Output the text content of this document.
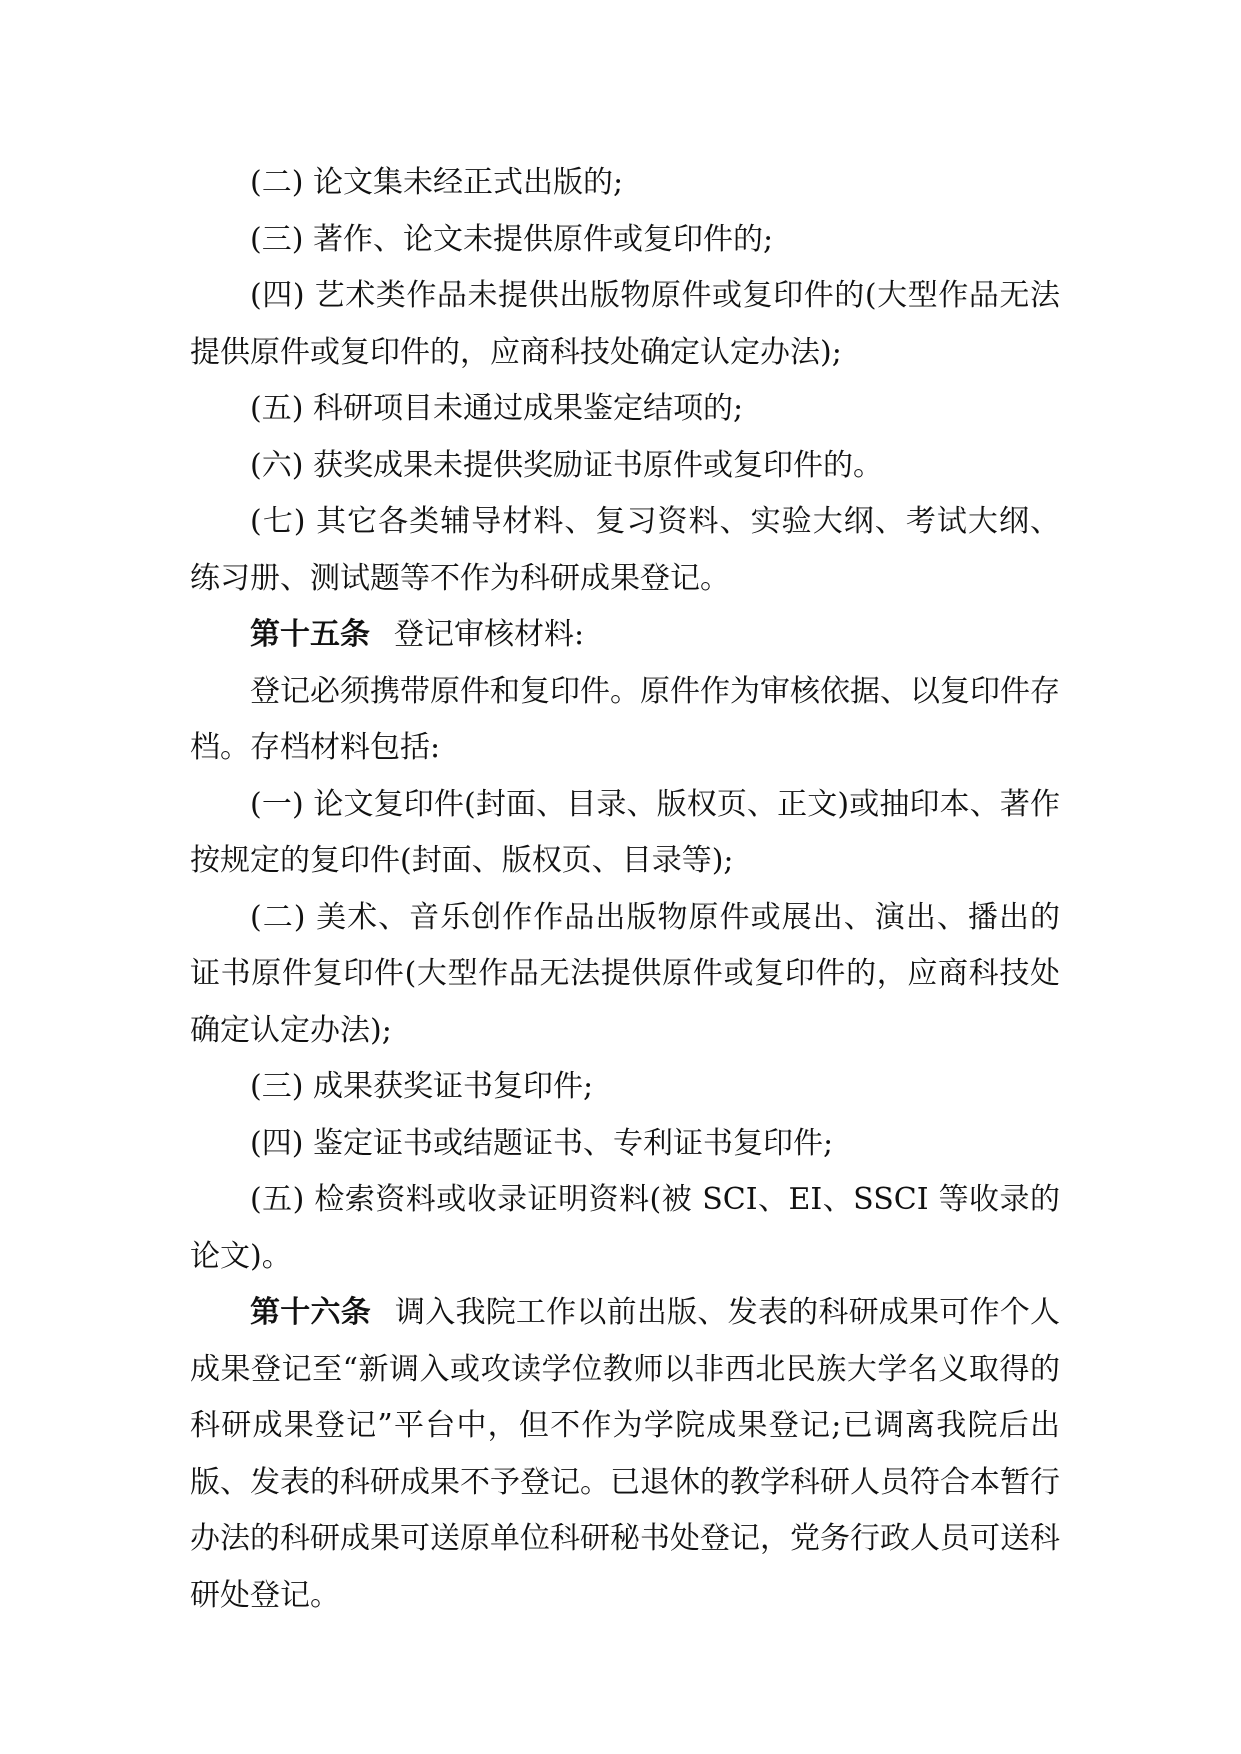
(二) 论文集未经正式出版的;

(三) 著作、论文未提供原件或复印件的;

(四) 艺术类作品未提供出版物原件或复印件的(大型作品无法提供原件或复印件的，应商科技处确定认定办法);

(五) 科研项目未通过成果鉴定结项的;

(六) 获奖成果未提供奖励证书原件或复印件的。

(七) 其它各类辅导材料、复习资料、实验大纲、考试大纲、练习册、测试题等不作为科研成果登记。

第十五条 登记审核材料:

登记必须携带原件和复印件。原件作为审核依据、以复印件存档。存档材料包括:

(一) 论文复印件(封面、目录、版权页、正文)或抽印本、著作按规定的复印件(封面、版权页、目录等);

(二) 美术、音乐创作作品出版物原件或展出、演出、播出的证书原件复印件(大型作品无法提供原件或复印件的，应商科技处确定认定办法);

(三) 成果获奖证书复印件;

(四) 鉴定证书或结题证书、专利证书复印件;

(五) 检索资料或收录证明资料(被 SCI、EI、SSCI 等收录的论文)。

第十六条 调入我院工作以前出版、发表的科研成果可作个人成果登记至“新调入或攻读学位教师以非西北民族大学名义取得的科研成果登记”平台中，但不作为学院成果登记;已调离我院后出版、发表的科研成果不予登记。已退休的教学科研人员符合本暂行办法的科研成果可送原单位科研秘书处登记，党务行政人员可送科研处登记。
